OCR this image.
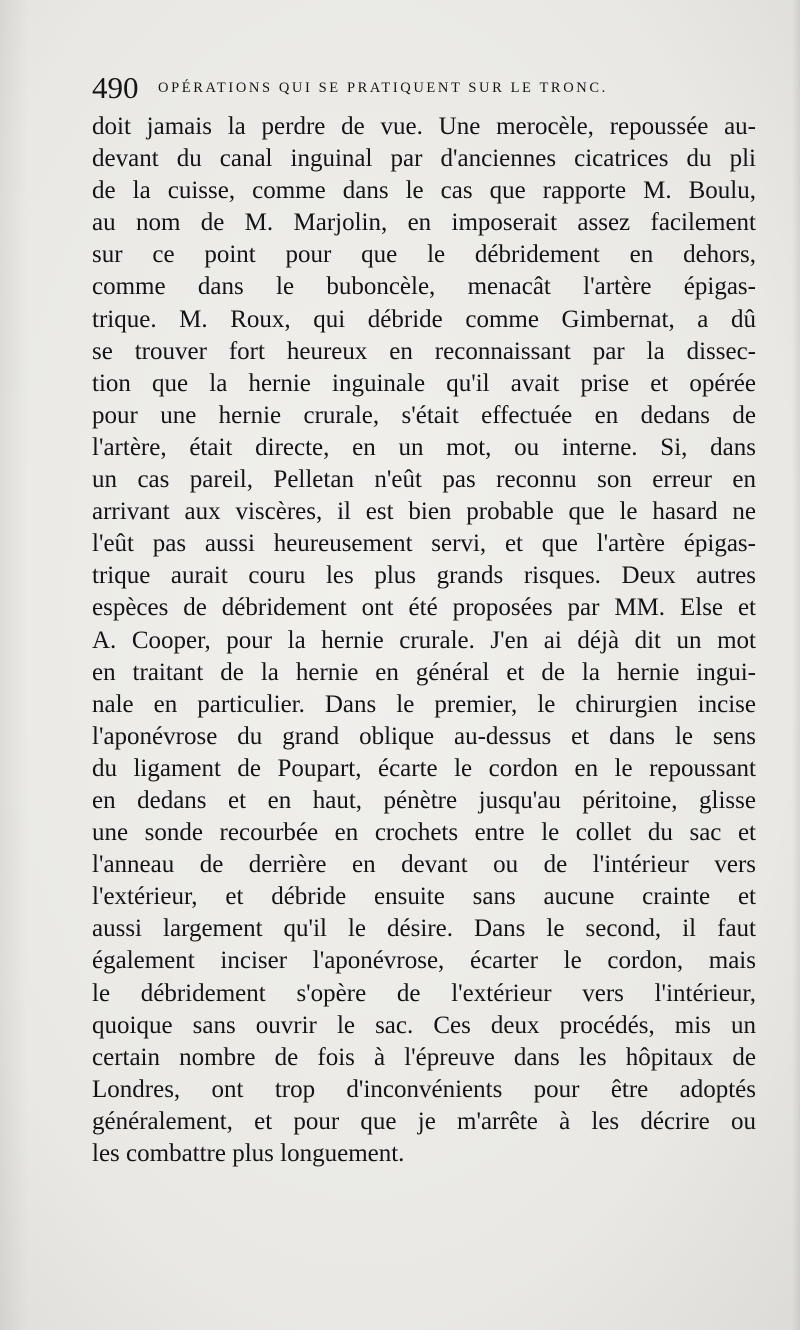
490 OPÉRATIONS QUI SE PRATIQUENT SUR LE TRONC.
doit jamais la perdre de vue. Une merocèle, repoussée au-
devant du canal inguinal par d'anciennes cicatrices du pli
de la cuisse, comme dans le cas que rapporte M. Boulu,
au nom de M. Marjolin, en imposerait assez facilement
sur ce point pour que le débridement en dehors,
comme dans le buboncèle, menacât l'artère épigas-
trique. M. Roux, qui débride comme Gimbernat, a dû
se trouver fort heureux en reconnaissant par la dissec-
tion que la hernie inguinale qu'il avait prise et opérée
pour une hernie crurale, s'était effectuée en dedans de
l'artère, était directe, en un mot, ou interne. Si, dans
un cas pareil, Pelletan n'eût pas reconnu son erreur en
arrivant aux viscères, il est bien probable que le hasard ne
l'eût pas aussi heureusement servi, et que l'artère épigas-
trique aurait couru les plus grands risques. Deux autres
espèces de débridement ont été proposées par MM. Else et
A. Cooper, pour la hernie crurale. J'en ai déjà dit un mot
en traitant de la hernie en général et de la hernie ingui-
nale en particulier. Dans le premier, le chirurgien incise
l'aponévrose du grand oblique au-dessus et dans le sens
du ligament de Poupart, écarte le cordon en le repoussant
en dedans et en haut, pénètre jusqu'au péritoine, glisse
une sonde recourbée en crochets entre le collet du sac et
l'anneau de derrière en devant ou de l'intérieur vers
l'extérieur, et débride ensuite sans aucune crainte et
aussi largement qu'il le désire. Dans le second, il faut
également inciser l'aponévrose, écarter le cordon, mais
le débridement s'opère de l'extérieur vers l'intérieur,
quoique sans ouvrir le sac. Ces deux procédés, mis un
certain nombre de fois à l'épreuve dans les hôpitaux de
Londres, ont trop d'inconvénients pour être adoptés
généralement, et pour que je m'arrête à les décrire ou
les combattre plus longuement.
